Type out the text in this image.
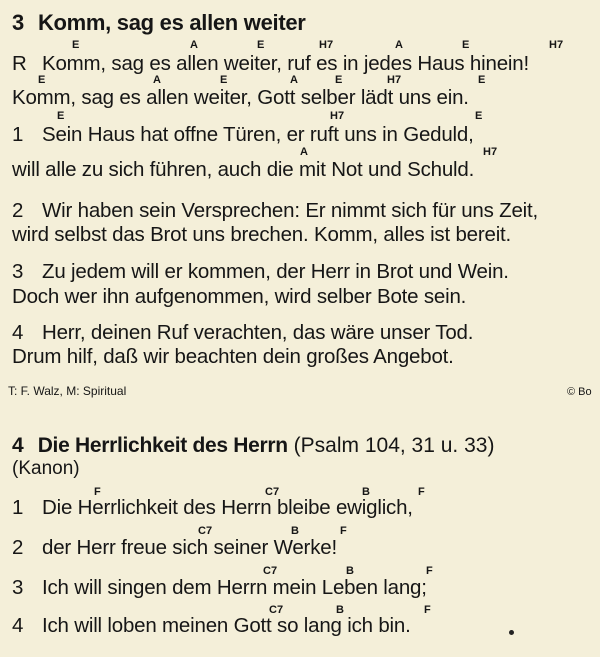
3 Komm, sag es allen weiter
E	A	E	H7	A	E	H7
R Komm, sag es allen weiter, ruf es in jedes Haus hinein!
E	A	E	A	E	H7	E
Komm, sag es allen weiter, Gott selber lädt uns ein.
E	H7	E
1 Sein Haus hat offne Türen, er ruft uns in Geduld,
A	H7
will alle zu sich führen, auch die mit Not und Schuld.
2 Wir haben sein Versprechen: Er nimmt sich für uns Zeit,
wird selbst das Brot uns brechen. Komm, alles ist bereit.
3 Zu jedem will er kommen, der Herr in Brot und Wein.
Doch wer ihn aufgenommen, wird selber Bote sein.
4 Herr, deinen Ruf verachten, das wäre unser Tod.
Drum hilf, daß wir beachten dein großes Angebot.
T: F. Walz, M: Spiritual	© Bo
4 Die Herrlichkeit des Herrn (Psalm 104, 31 u. 33)
(Kanon)
F	C7	B	F
1 Die Herrlichkeit des Herrn bleibe ewiglich,
C7	B	F
2 der Herr freue sich seiner Werke!
C7	B	F
3 Ich will singen dem Herrn mein Leben lang;
C7	B	F
4 Ich will loben meinen Gott so lang ich bin.
